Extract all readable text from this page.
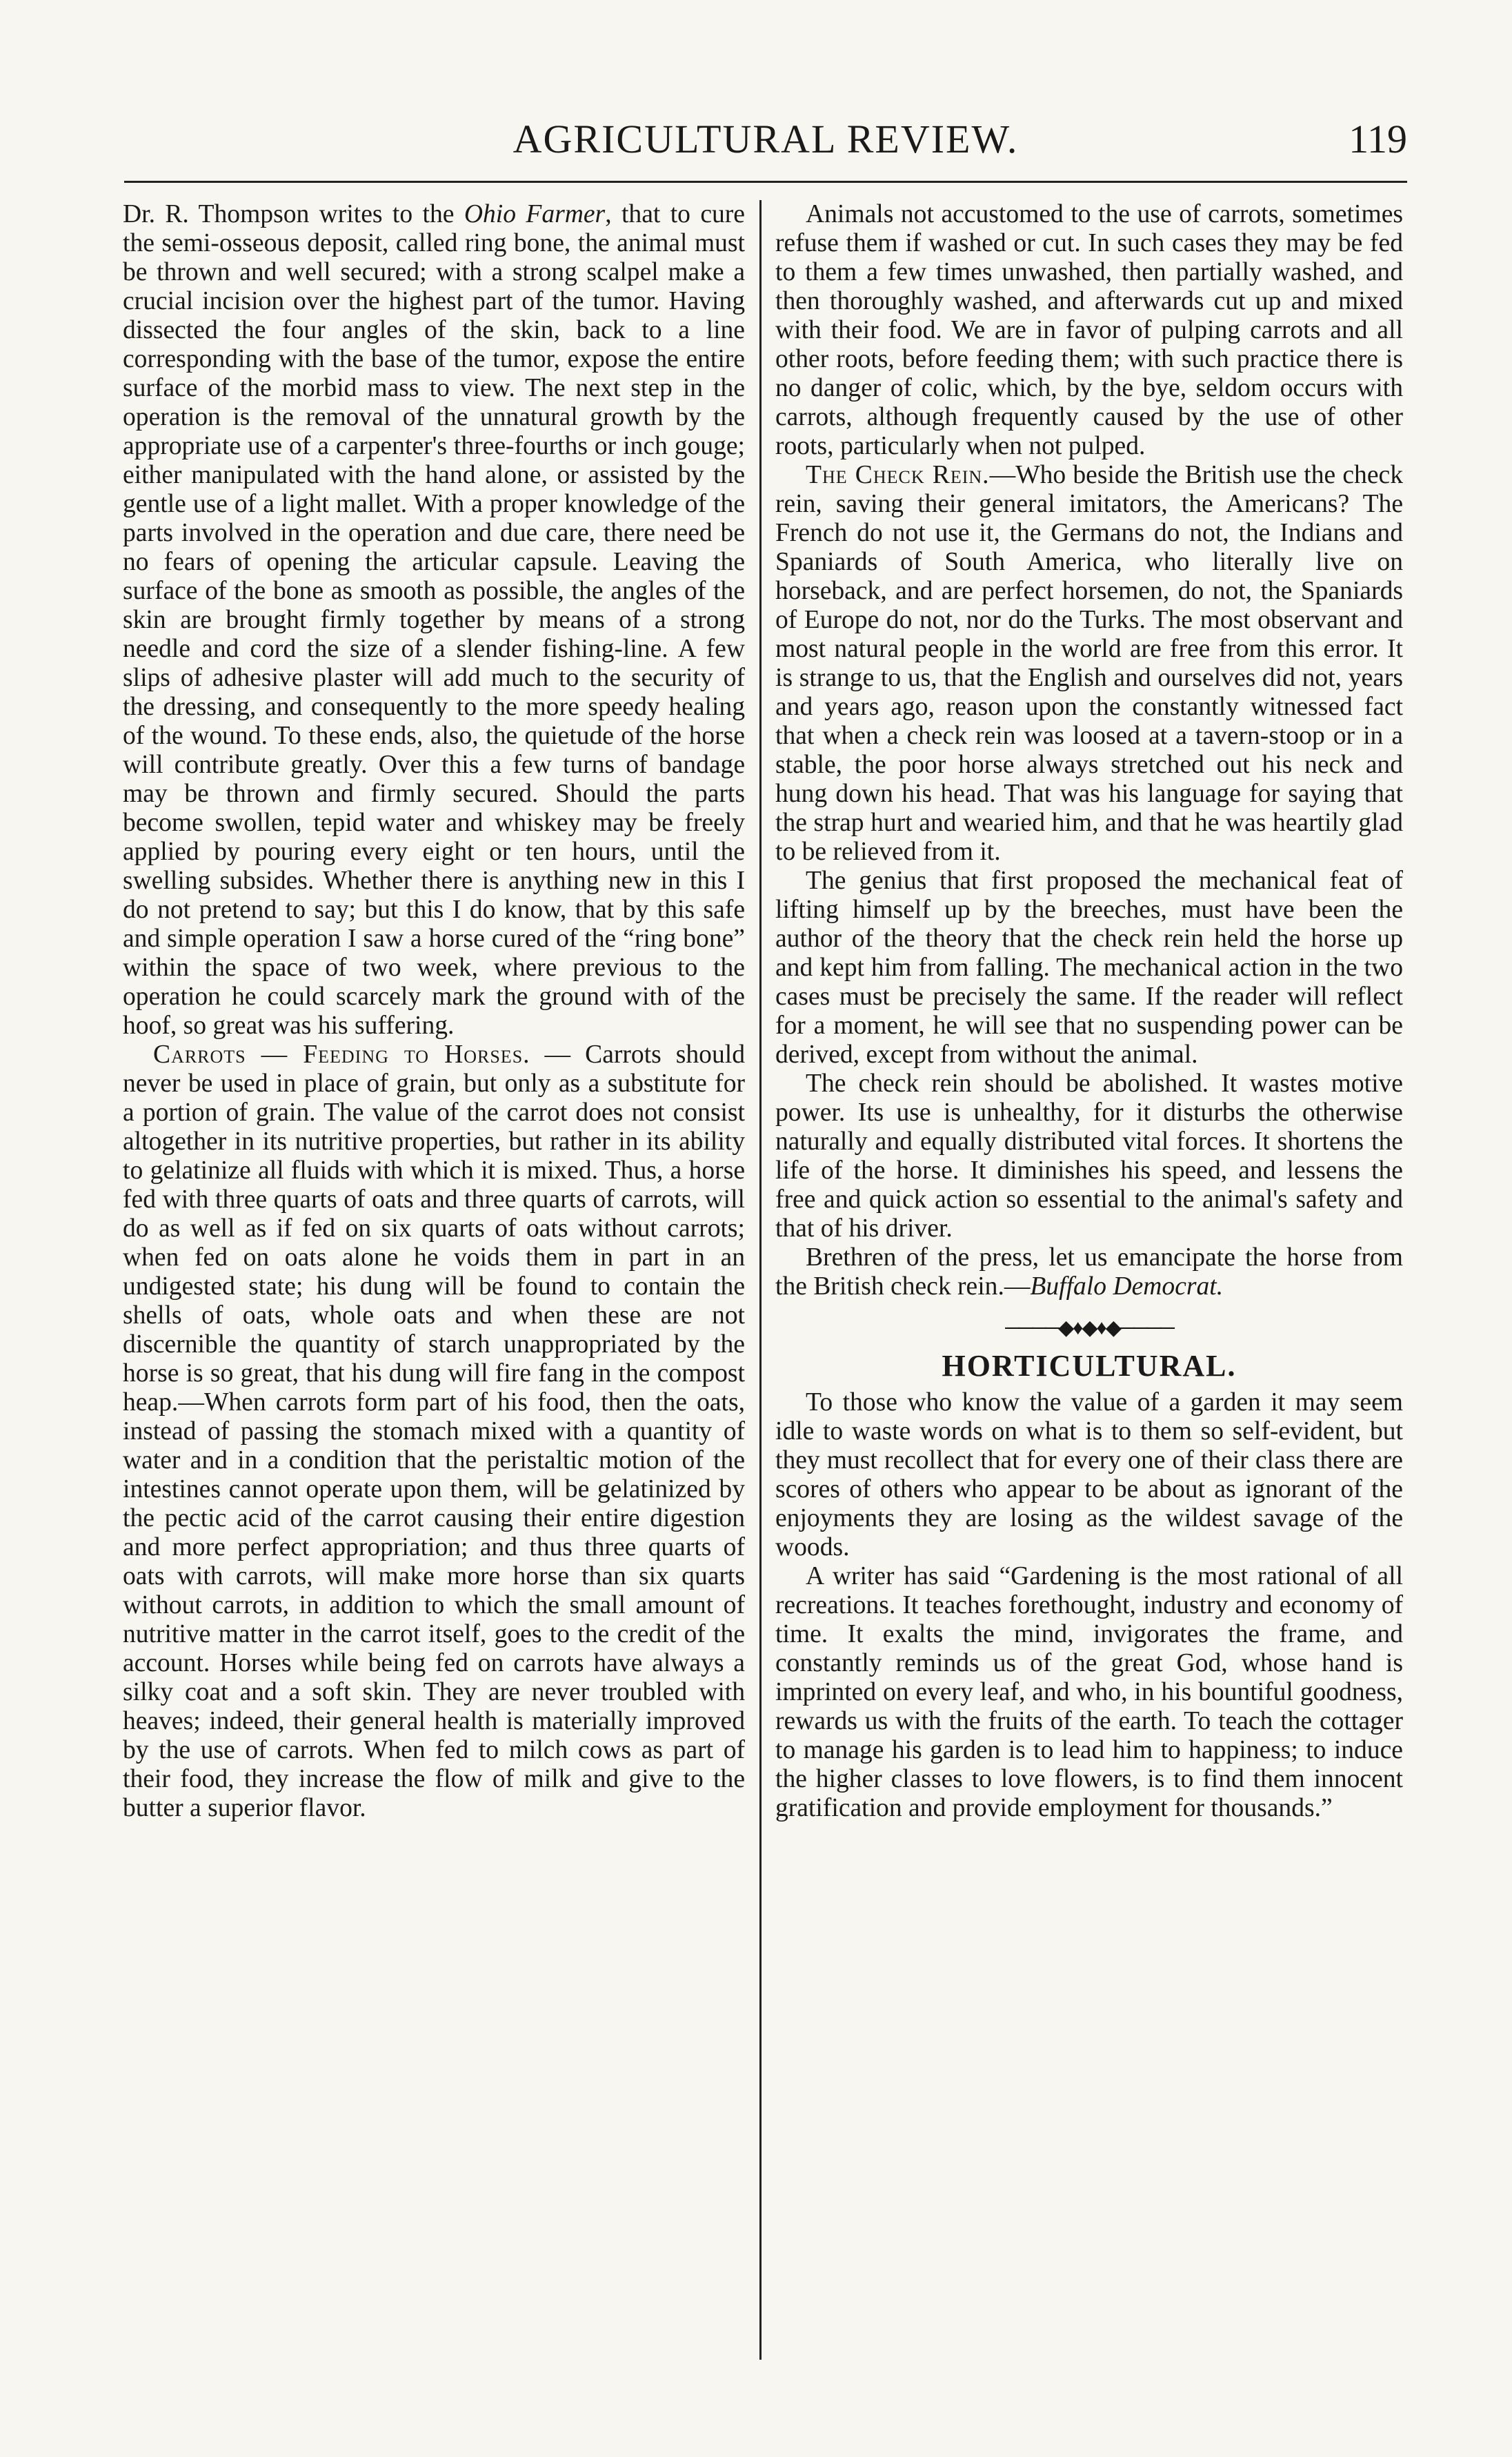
AGRICULTURAL REVIEW.	119

Dr. R. Thompson writes to the Ohio Farmer, that to cure the semi-osseous deposit, called ring bone, the animal must be thrown and well secured; with a strong scalpel make a crucial incision over the highest part of the tumor. Having dissected the four angles of the skin, back to a line corresponding with the base of the tumor, expose the entire surface of the morbid mass to view. The next step in the operation is the removal of the unnatural growth by the appropriate use of a carpenter's three-fourths or inch gouge; either manipulated with the hand alone, or assisted by the gentle use of a light mallet. With a proper knowledge of the parts involved in the operation and due care, there need be no fears of opening the articular capsule. Leaving the surface of the bone as smooth as possible, the angles of the skin are brought firmly together by means of a strong needle and cord the size of a slender fishing-line. A few slips of adhesive plaster will add much to the security of the dressing, and consequently to the more speedy healing of the wound. To these ends, also, the quietude of the horse will contribute greatly. Over this a few turns of bandage may be thrown and firmly secured. Should the parts become swollen, tepid water and whiskey may be freely applied by pouring every eight or ten hours, until the swelling subsides. Whether there is anything new in this I do not pretend to say; but this I do know, that by this safe and simple operation I saw a horse cured of the “ring bone” within the space of two week, where previous to the operation he could scarcely mark the ground with of the hoof, so great was his suffering.

Carrots — Feeding to Horses. — Carrots should never be used in place of grain, but only as a substitute for a portion of grain. The value of the carrot does not consist altogether in its nutritive properties, but rather in its ability to gelatinize all fluids with which it is mixed. Thus, a horse fed with three quarts of oats and three quarts of carrots, will do as well as if fed on six quarts of oats without carrots; when fed on oats alone he voids them in part in an undigested state; his dung will be found to contain the shells of oats, whole oats and when these are not discernible the quantity of starch unappropriated by the horse is so great, that his dung will fire fang in the compost heap.—When carrots form part of his food, then the oats, instead of passing the stomach mixed with a quantity of water and in a condition that the peristaltic motion of the intestines cannot operate upon them, will be gelatinized by the pectic acid of the carrot causing their entire digestion and more perfect appropriation; and thus three quarts of oats with carrots, will make more horse than six quarts without carrots, in addition to which the small amount of nutritive matter in the carrot itself, goes to the credit of the account. Horses while being fed on carrots have always a silky coat and a soft skin. They are never troubled with heaves; indeed, their general health is materially improved by the use of carrots. When fed to milch cows as part of their food, they increase the flow of milk and give to the butter a superior flavor.

Animals not accustomed to the use of carrots, sometimes refuse them if washed or cut. In such cases they may be fed to them a few times unwashed, then partially washed, and then thoroughly washed, and afterwards cut up and mixed with their food. We are in favor of pulping carrots and all other roots, before feeding them; with such practice there is no danger of colic, which, by the bye, seldom occurs with carrots, although frequently caused by the use of other roots, particularly when not pulped.

The Check Rein.—Who beside the British use the check rein, saving their general imitators, the Americans? The French do not use it, the Germans do not, the Indians and Spaniards of South America, who literally live on horseback, and are perfect horsemen, do not, the Spaniards of Europe do not, nor do the Turks. The most observant and most natural people in the world are free from this error. It is strange to us, that the English and ourselves did not, years and years ago, reason upon the constantly witnessed fact that when a check rein was loosed at a tavern-stoop or in a stable, the poor horse always stretched out his neck and hung down his head. That was his language for saying that the strap hurt and wearied him, and that he was heartily glad to be relieved from it.

The genius that first proposed the mechanical feat of lifting himself up by the breeches, must have been the author of the theory that the check rein held the horse up and kept him from falling. The mechanical action in the two cases must be precisely the same. If the reader will reflect for a moment, he will see that no suspending power can be derived, except from without the animal.

The check rein should be abolished. It wastes motive power. Its use is unhealthy, for it disturbs the otherwise naturally and equally distributed vital forces. It shortens the life of the horse. It diminishes his speed, and lessens the free and quick action so essential to the animal's safety and that of his driver.

Brethren of the press, let us emancipate the horse from the British check rein.—Buffalo Democrat.

────◆♦◆♦◆────
HORTICULTURAL.

To those who know the value of a garden it may seem idle to waste words on what is to them so self-evident, but they must recollect that for every one of their class there are scores of others who appear to be about as ignorant of the enjoyments they are losing as the wildest savage of the woods.

A writer has said “Gardening is the most rational of all recreations. It teaches forethought, industry and economy of time. It exalts the mind, invigorates the frame, and constantly reminds us of the great God, whose hand is imprinted on every leaf, and who, in his bountiful goodness, rewards us with the fruits of the earth. To teach the cottager to manage his garden is to lead him to happiness; to induce the higher classes to love flowers, is to find them innocent gratification and provide employment for thousands.”
